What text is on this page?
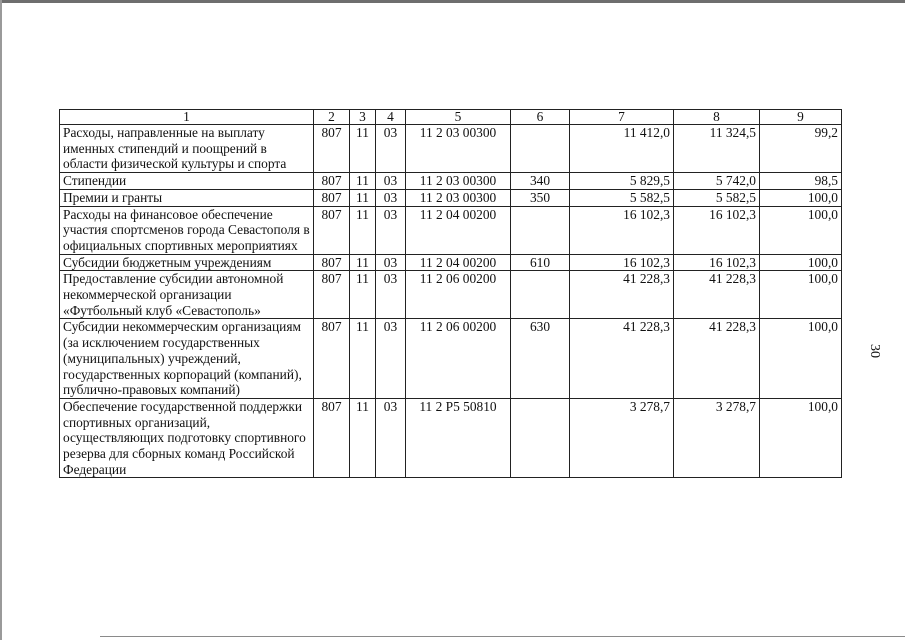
30
1	2	3	4	5	6	7	8	9
Расходы, направленные на выплату именных стипендий и поощрений в области физической культуры и спорта	807	11	03	11 2 03 00300		11 412,0	11 324,5	99,2
Стипендии	807	11	03	11 2 03 00300	340	5 829,5	5 742,0	98,5
Премии и гранты	807	11	03	11 2 03 00300	350	5 582,5	5 582,5	100,0
Расходы на финансовое обеспечение участия спортсменов города Севастополя в официальных спортивных мероприятиях	807	11	03	11 2 04 00200		16 102,3	16 102,3	100,0
Субсидии бюджетным учреждениям	807	11	03	11 2 04 00200	610	16 102,3	16 102,3	100,0
Предоставление субсидии автономной некоммерческой организации «Футбольный клуб «Севастополь»	807	11	03	11 2 06 00200		41 228,3	41 228,3	100,0
Субсидии некоммерческим организациям (за исключением государственных (муниципальных) учреждений, государственных корпораций (компаний), публично-правовых компаний)	807	11	03	11 2 06 00200	630	41 228,3	41 228,3	100,0
Обеспечение государственной поддержки спортивных организаций, осуществляющих подготовку спортивного резерва для сборных команд Российской Федерации	807	11	03	11 2 P5 50810		3 278,7	3 278,7	100,0
